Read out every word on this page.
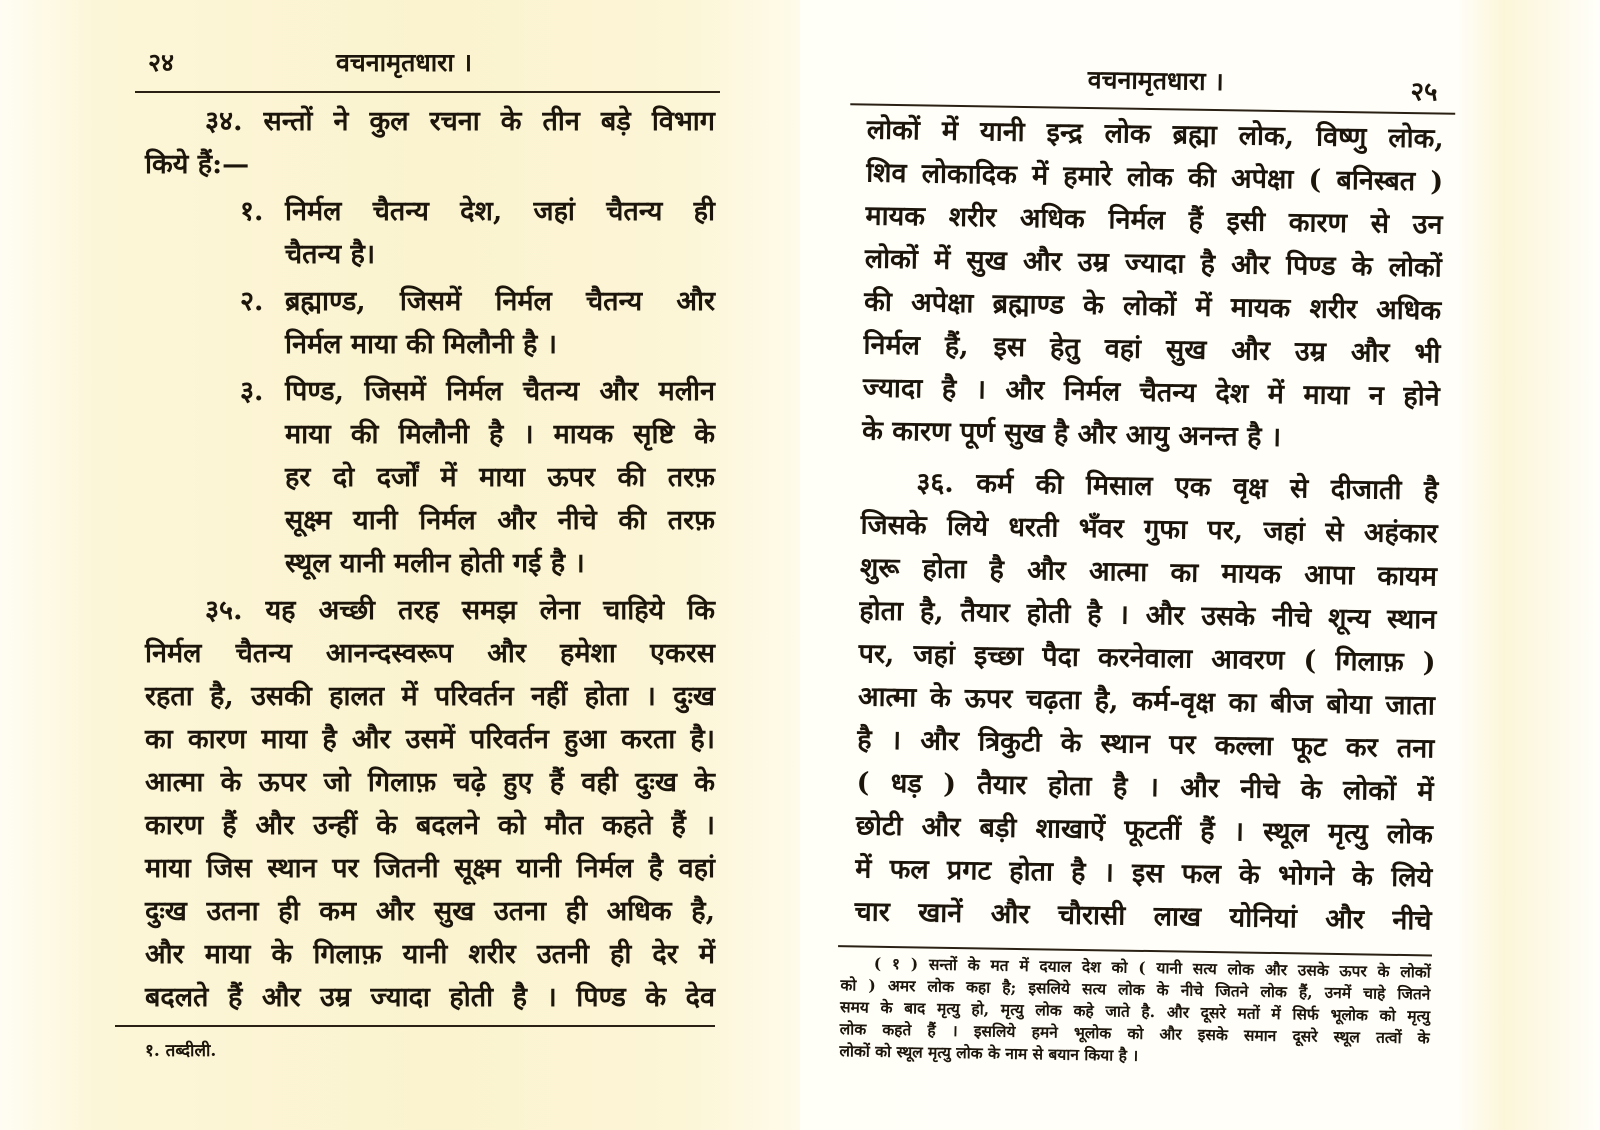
२४	वचनामृतधारा ।
३४. सन्तों ने कुल रचना के तीन बड़े विभाग
किये हैं:—
१. निर्मल चैतन्य देश, जहां चैतन्य ही
चैतन्य है।
२. ब्रह्माण्ड, जिसमें निर्मल चैतन्य और
निर्मल माया की मिलौनी है ।
३. पिण्ड, जिसमें निर्मल चैतन्य और मलीन
माया की मिलौनी है । मायक सृष्टि के
हर दो दर्जों में माया ऊपर की तरफ़
सूक्ष्म यानी निर्मल और नीचे की तरफ़
स्थूल यानी मलीन होती गई है ।
३५. यह अच्छी तरह समझ लेना चाहिये कि
निर्मल चैतन्य आनन्दस्वरूप और हमेशा एकरस
रहता है, उसकी हालत में परिवर्तन नहीं होता । दुःख
का कारण माया है और उसमें परिवर्तन हुआ करता है।
आत्मा के ऊपर जो गिलाफ़ चढ़े हुए हैं वही दुःख के
कारण हैं और उन्हीं के बदलने को मौत कहते हैं ।
माया जिस स्थान पर जितनी सूक्ष्म यानी निर्मल है वहां
दुःख उतना ही कम और सुख उतना ही अधिक है,
और माया के गिलाफ़ यानी शरीर उतनी ही देर में
बदलते हैं और उम्र ज्यादा होती है । पिण्ड के देव
१. तब्दीली.
वचनामृतधारा ।	२५
लोकों में यानी इन्द्र लोक ब्रह्मा लोक, विष्णु लोक,
शिव लोकादिक में हमारे लोक की अपेक्षा ( बनिस्बत )
मायक शरीर अधिक निर्मल हैं इसी कारण से उन
लोकों में सुख और उम्र ज्यादा है और पिण्ड के लोकों
की अपेक्षा ब्रह्माण्ड के लोकों में मायक शरीर अधिक
निर्मल हैं, इस हेतु वहां सुख और उम्र और भी
ज्यादा है । और निर्मल चैतन्य देश में माया न होने
के कारण पूर्ण सुख है और आयु अनन्त है ।
३६. कर्म की मिसाल एक वृक्ष से दीजाती है
जिसके लिये धरती भँवर गुफा पर, जहां से अहंकार
शुरू होता है और आत्मा का मायक आपा कायम
होता है, तैयार होती है । और उसके नीचे शून्य स्थान
पर, जहां इच्छा पैदा करनेवाला आवरण ( गिलाफ़ )
आत्मा के ऊपर चढ़ता है, कर्म-वृक्ष का बीज बोया जाता
है । और त्रिकुटी के स्थान पर कल्ला फूट कर तना
( धड़ ) तैयार होता है । और नीचे के लोकों में
छोटी और बड़ी शाखाऐं फूटतीं हैं । स्थूल मृत्यु लोक
में फल प्रगट होता है । इस फल के भोगने के लिये
चार खानें और चौरासी लाख योनियां और नीचे
( १ ) सन्तों के मत में दयाल देश को ( यानी सत्य लोक और उसके ऊपर के लोकों
को ) अमर लोक कहा है; इसलिये सत्य लोक के नीचे जितने लोक हैं, उनमें चाहे जितने
समय के बाद मृत्यु हो, मृत्यु लोक कहे जाते है. और दूसरे मतों में सिर्फ भूलोक को मृत्यु
लोक कहते हैं । इसलिये हमने भूलोक को और इसके समान दूसरे स्थूल तत्वों के
लोकों को स्थूल मृत्यु लोक के नाम से बयान किया है ।
